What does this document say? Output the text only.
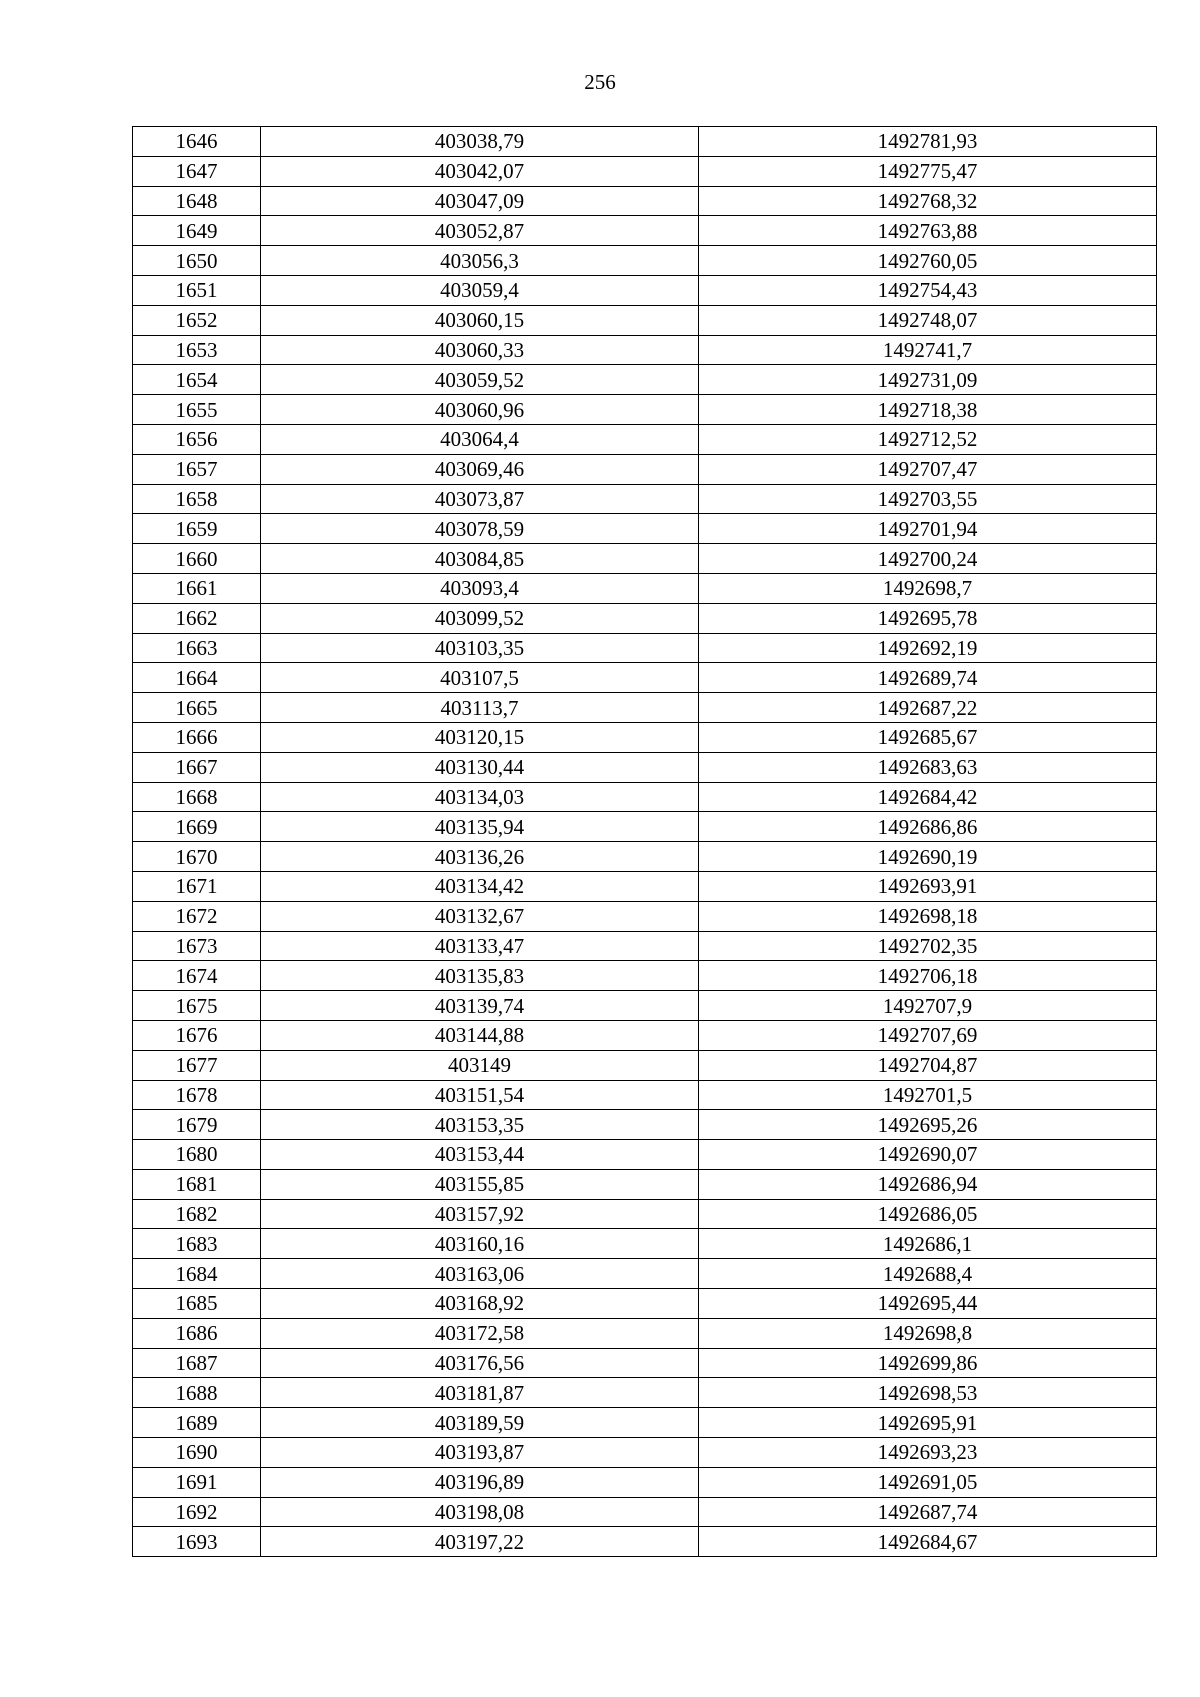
256
1646	403038,79	1492781,93
1647	403042,07	1492775,47
1648	403047,09	1492768,32
1649	403052,87	1492763,88
1650	403056,3	1492760,05
1651	403059,4	1492754,43
1652	403060,15	1492748,07
1653	403060,33	1492741,7
1654	403059,52	1492731,09
1655	403060,96	1492718,38
1656	403064,4	1492712,52
1657	403069,46	1492707,47
1658	403073,87	1492703,55
1659	403078,59	1492701,94
1660	403084,85	1492700,24
1661	403093,4	1492698,7
1662	403099,52	1492695,78
1663	403103,35	1492692,19
1664	403107,5	1492689,74
1665	403113,7	1492687,22
1666	403120,15	1492685,67
1667	403130,44	1492683,63
1668	403134,03	1492684,42
1669	403135,94	1492686,86
1670	403136,26	1492690,19
1671	403134,42	1492693,91
1672	403132,67	1492698,18
1673	403133,47	1492702,35
1674	403135,83	1492706,18
1675	403139,74	1492707,9
1676	403144,88	1492707,69
1677	403149	1492704,87
1678	403151,54	1492701,5
1679	403153,35	1492695,26
1680	403153,44	1492690,07
1681	403155,85	1492686,94
1682	403157,92	1492686,05
1683	403160,16	1492686,1
1684	403163,06	1492688,4
1685	403168,92	1492695,44
1686	403172,58	1492698,8
1687	403176,56	1492699,86
1688	403181,87	1492698,53
1689	403189,59	1492695,91
1690	403193,87	1492693,23
1691	403196,89	1492691,05
1692	403198,08	1492687,74
1693	403197,22	1492684,67
